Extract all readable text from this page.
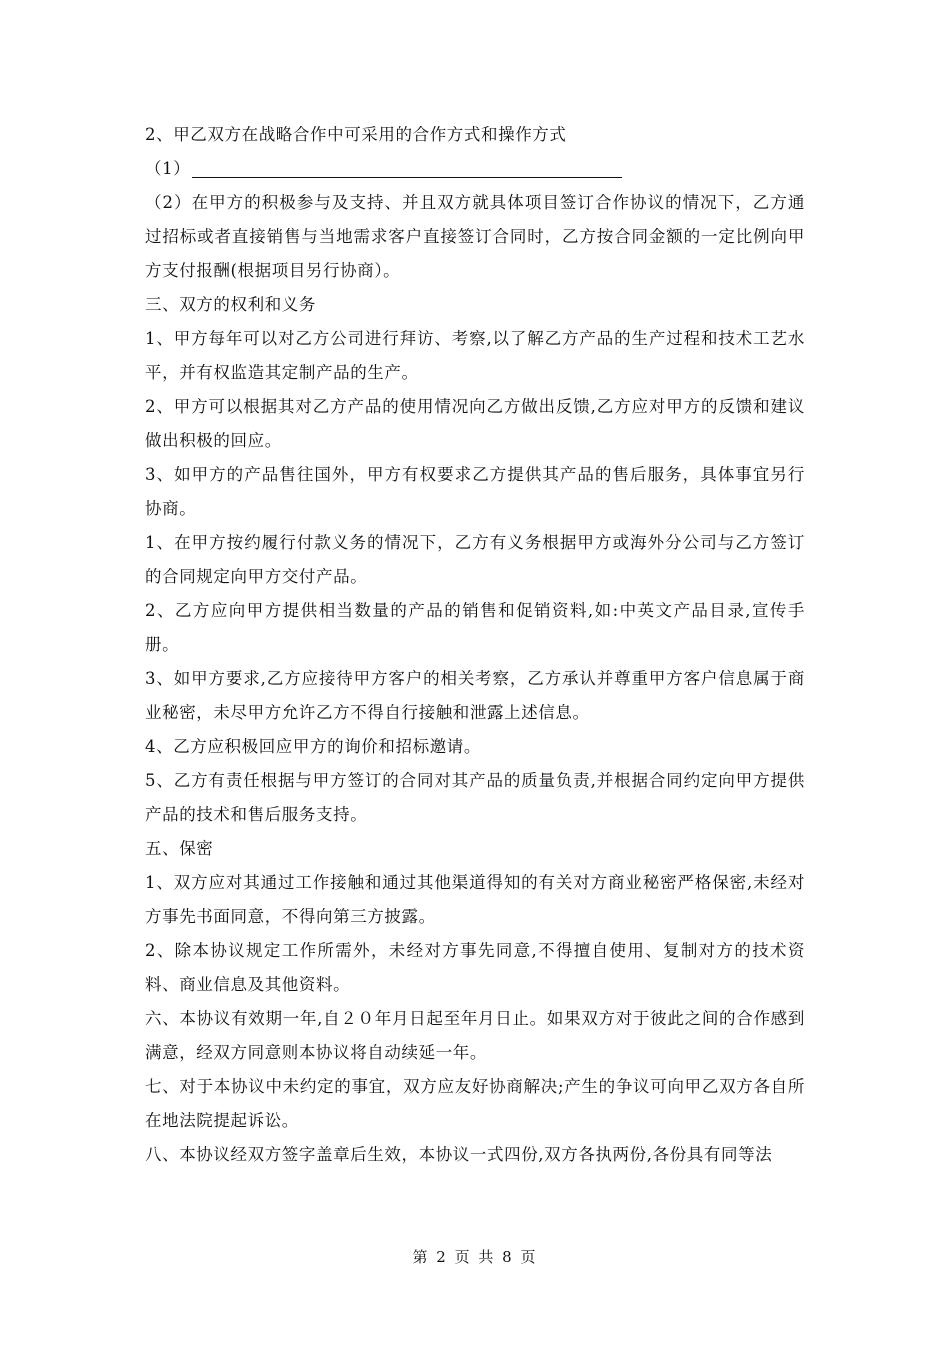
2、甲乙双方在战略合作中可采用的合作方式和操作方式

（1）

（2）在甲方的积极参与及支持、并且双方就具体项目签订合作协议的情况下，乙方通过招标或者直接销售与当地需求客户直接签订合同时，乙方按合同金额的一定比例向甲方支付报酬(根据项目另行协商）。

三、双方的权利和义务

1、甲方每年可以对乙方公司进行拜访、考察,以了解乙方产品的生产过程和技术工艺水平，并有权监造其定制产品的生产。

2、甲方可以根据其对乙方产品的使用情况向乙方做出反馈,乙方应对甲方的反馈和建议做出积极的回应。

3、如甲方的产品售往国外，甲方有权要求乙方提供其产品的售后服务，具体事宜另行协商。

1、在甲方按约履行付款义务的情况下，乙方有义务根据甲方或海外分公司与乙方签订的合同规定向甲方交付产品。

2、乙方应向甲方提供相当数量的产品的销售和促销资料,如:中英文产品目录,宣传手册。

3、如甲方要求,乙方应接待甲方客户的相关考察，乙方承认并尊重甲方客户信息属于商业秘密，未尽甲方允许乙方不得自行接触和泄露上述信息。

4、乙方应积极回应甲方的询价和招标邀请。

5、乙方有责任根据与甲方签订的合同对其产品的质量负责,并根据合同约定向甲方提供产品的技术和售后服务支持。

五、保密

1、双方应对其通过工作接触和通过其他渠道得知的有关对方商业秘密严格保密,未经对方事先书面同意，不得向第三方披露。

2、除本协议规定工作所需外，未经对方事先同意,不得擅自使用、复制对方的技术资料、商业信息及其他资料。

六、本协议有效期一年,自２０年月日起至年月日止。如果双方对于彼此之间的合作感到满意，经双方同意则本协议将自动续延一年。

七、对于本协议中未约定的事宜，双方应友好协商解决;产生的争议可向甲乙双方各自所在地法院提起诉讼。

八、本协议经双方签字盖章后生效，本协议一式四份,双方各执两份,各份具有同等法

第 2 页 共 8 页
